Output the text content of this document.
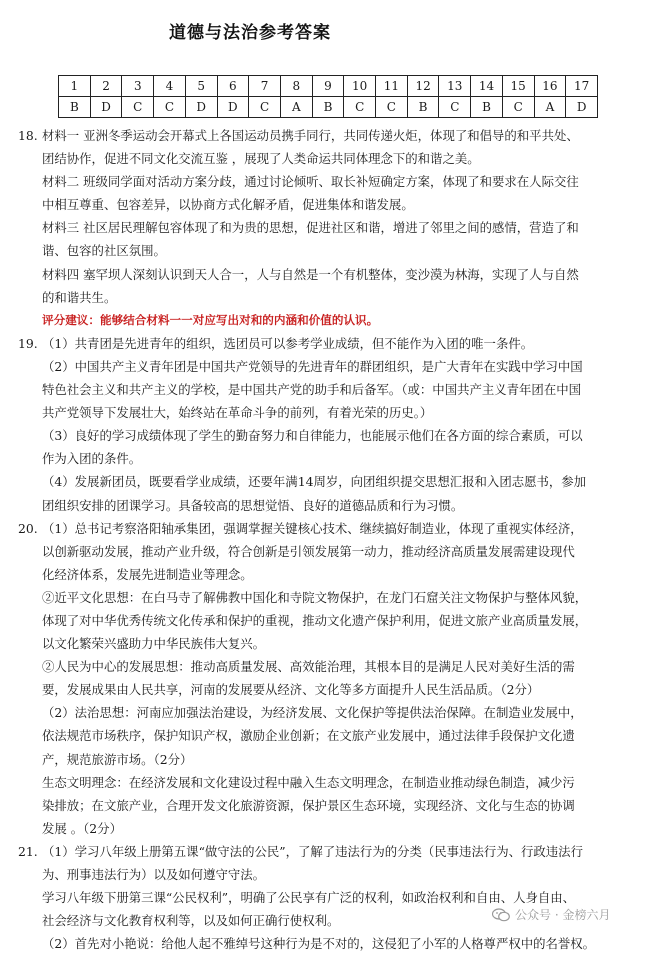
道德与法治参考答案
1	2	3	4	5	6	7	8	9	10	11	12	13	14	15	16	17
B	D	C	C	D	D	C	A	B	C	C	B	C	B	C	A	D

18. 材料一 亚洲冬季运动会开幕式上各国运动员携手同行，共同传递火炬，体现了和倡导的和平共处、

团结协作，促进不同文化交流互鉴 ，展现了人类命运共同体理念下的和谐之美。

材料二 班级同学面对活动方案分歧，通过讨论倾听、取长补短确定方案，体现了和要求在人际交往

中相互尊重、包容差异，以协商方式化解矛盾，促进集体和谐发展。

材料三 社区居民理解包容体现了和为贵的思想，促进社区和谐，增进了邻里之间的感情，营造了和

谐、包容的社区氛围。

材料四 塞罕坝人深刻认识到天人合一，人与自然是一个有机整体，变沙漠为林海，实现了人与自然

的和谐共生。

评分建议：能够结合材料一一对应写出对和的内涵和价值的认识。

19. （1）共青团是先进青年的组织，选团员可以参考学业成绩，但不能作为入团的唯一条件。

（2）中国共产主义青年团是中国共产党领导的先进青年的群团组织，是广大青年在实践中学习中国

特色社会主义和共产主义的学校，是中国共产党的助手和后备军。（或：中国共产主义青年团在中国

共产党领导下发展壮大，始终站在革命斗争的前列，有着光荣的历史。）

（3）良好的学习成绩体现了学生的勤奋努力和自律能力，也能展示他们在各方面的综合素质，可以

作为入团的条件。

（4）发展新团员，既要看学业成绩，还要年满14周岁，向团组织提交思想汇报和入团志愿书，参加

团组织安排的团课学习。具备较高的思想觉悟、良好的道德品质和行为习惯。

20. （1）总书记考察洛阳轴承集团，强调掌握关键核心技术、继续搞好制造业，体现了重视实体经济，

以创新驱动发展，推动产业升级，符合创新是引领发展第一动力，推动经济高质量发展需建设现代

化经济体系，发展先进制造业等理念。

②近平文化思想：在白马寺了解佛教中国化和寺院文物保护，在龙门石窟关注文物保护与整体风貌，

体现了对中华优秀传统文化传承和保护的重视，推动文化遗产保护利用，促进文旅产业高质量发展，

以文化繁荣兴盛助力中华民族伟大复兴。

②人民为中心的发展思想：推动高质量发展、高效能治理，其根本目的是满足人民对美好生活的需

要，发展成果由人民共享，河南的发展要从经济、文化等多方面提升人民生活品质。（2分）

（2）法治思想：河南应加强法治建设，为经济发展、文化保护等提供法治保障。在制造业发展中，

依法规范市场秩序，保护知识产权，激励企业创新；在文旅产业发展中，通过法律手段保护文化遗

产，规范旅游市场。（2分）

生态文明理念：在经济发展和文化建设过程中融入生态文明理念，在制造业推动绿色制造，减少污

染排放；在文旅产业，合理开发文化旅游资源，保护景区生态环境，实现经济、文化与生态的协调

发展 。（2分）

21. （1）学习八年级上册第五课“做守法的公民”，了解了违法行为的分类（民事违法行为、行政违法行

为、刑事违法行为）以及如何遵守守法。

学习八年级下册第三课“公民权利”，明确了公民享有广泛的权利，如政治权利和自由、人身自由、

社会经济与文化教育权利等，以及如何正确行使权利。

（2）首先对小艳说：给他人起不雅绰号这种行为是不对的，这侵犯了小军的人格尊严权中的名誉权。

公众号 · 金榜六月
